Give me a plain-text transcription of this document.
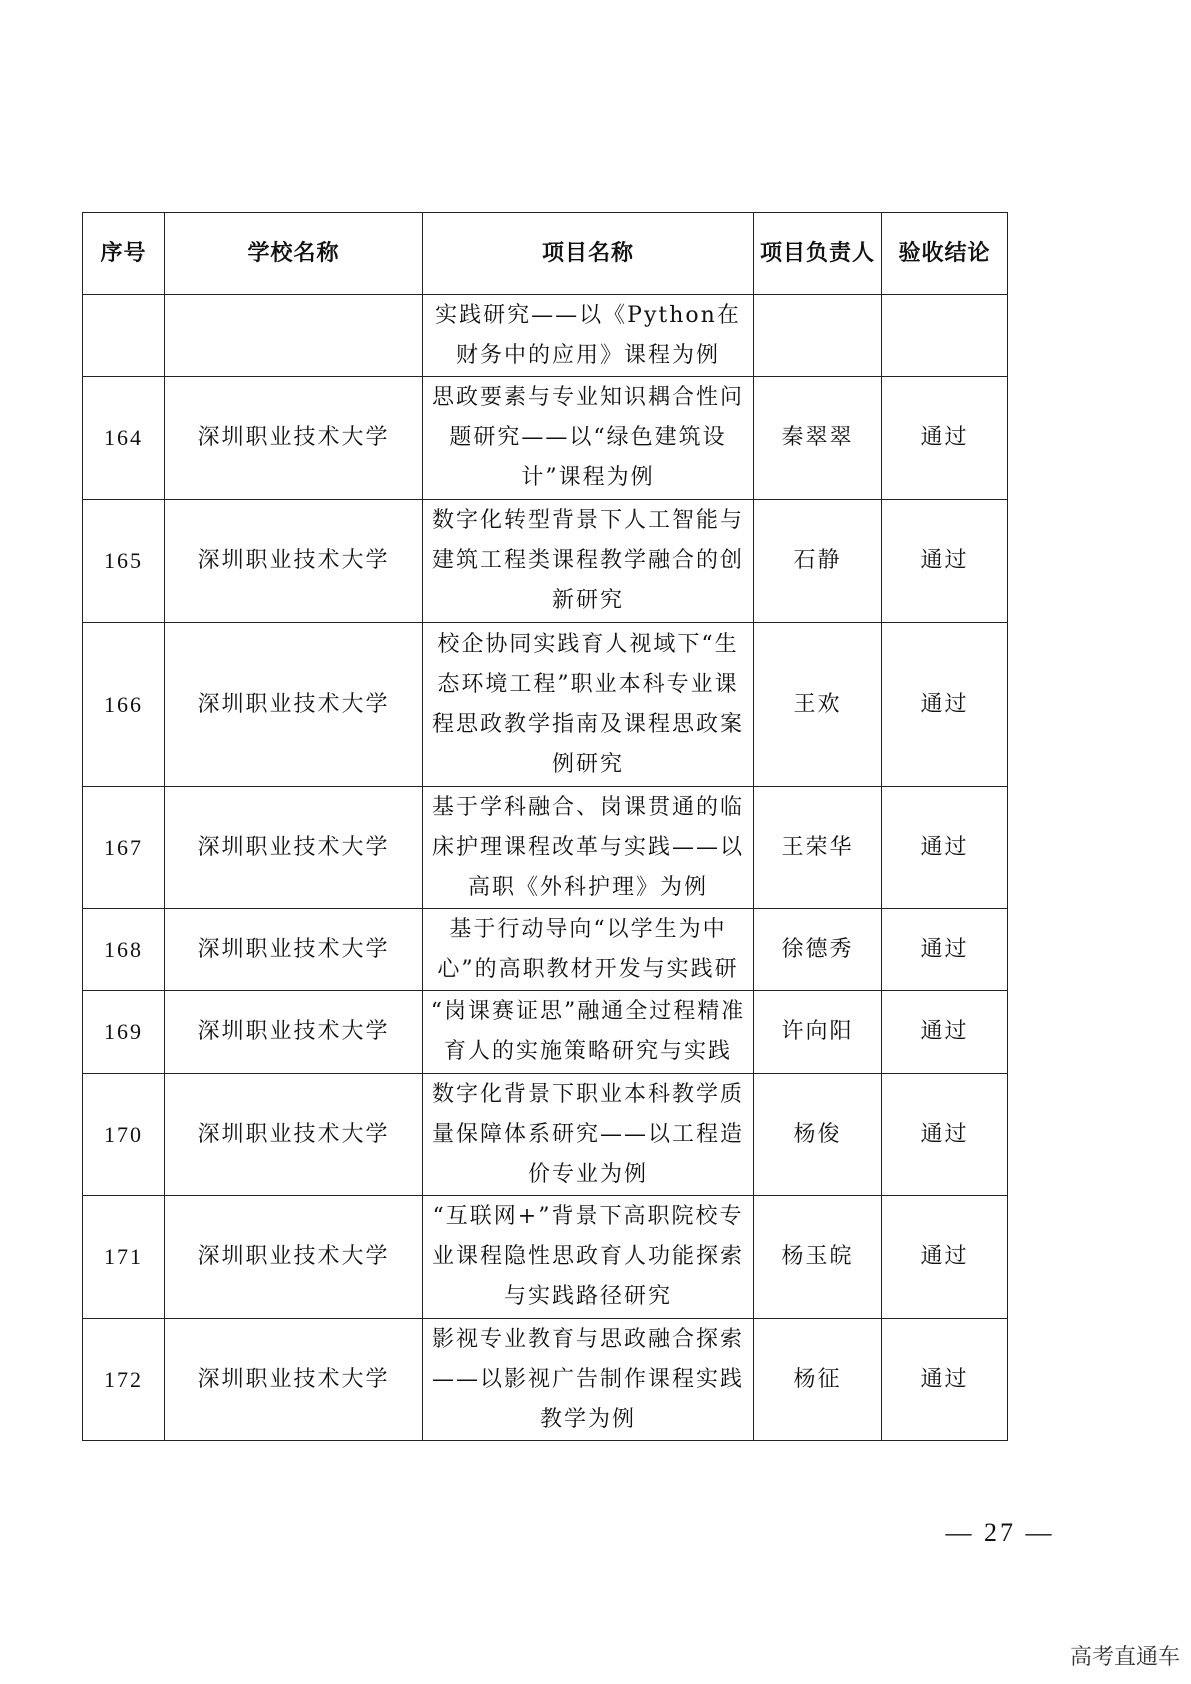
序号	学校名称	项目名称	项目负责人	验收结论
		实践研究——以《Python在财务中的应用》课程为例		
164	深圳职业技术大学	思政要素与专业知识耦合性问题研究——以“绿色建筑设计”课程为例	秦翠翠	通过
165	深圳职业技术大学	数字化转型背景下人工智能与建筑工程类课程教学融合的创新研究	石静	通过
166	深圳职业技术大学	校企协同实践育人视域下“生态环境工程”职业本科专业课程思政教学指南及课程思政案例研究	王欢	通过
167	深圳职业技术大学	基于学科融合、岗课贯通的临床护理课程改革与实践——以高职《外科护理》为例	王荣华	通过
168	深圳职业技术大学	基于行动导向“以学生为中心”的高职教材开发与实践研	徐德秀	通过
169	深圳职业技术大学	“岗课赛证思”融通全过程精准育人的实施策略研究与实践	许向阳	通过
170	深圳职业技术大学	数字化背景下职业本科教学质量保障体系研究——以工程造价专业为例	杨俊	通过
171	深圳职业技术大学	“互联网+”背景下高职院校专业课程隐性思政育人功能探索与实践路径研究	杨玉皖	通过
172	深圳职业技术大学	影视专业教育与思政融合探索——以影视广告制作课程实践教学为例	杨征	通过
— 27 —
高考直通车
